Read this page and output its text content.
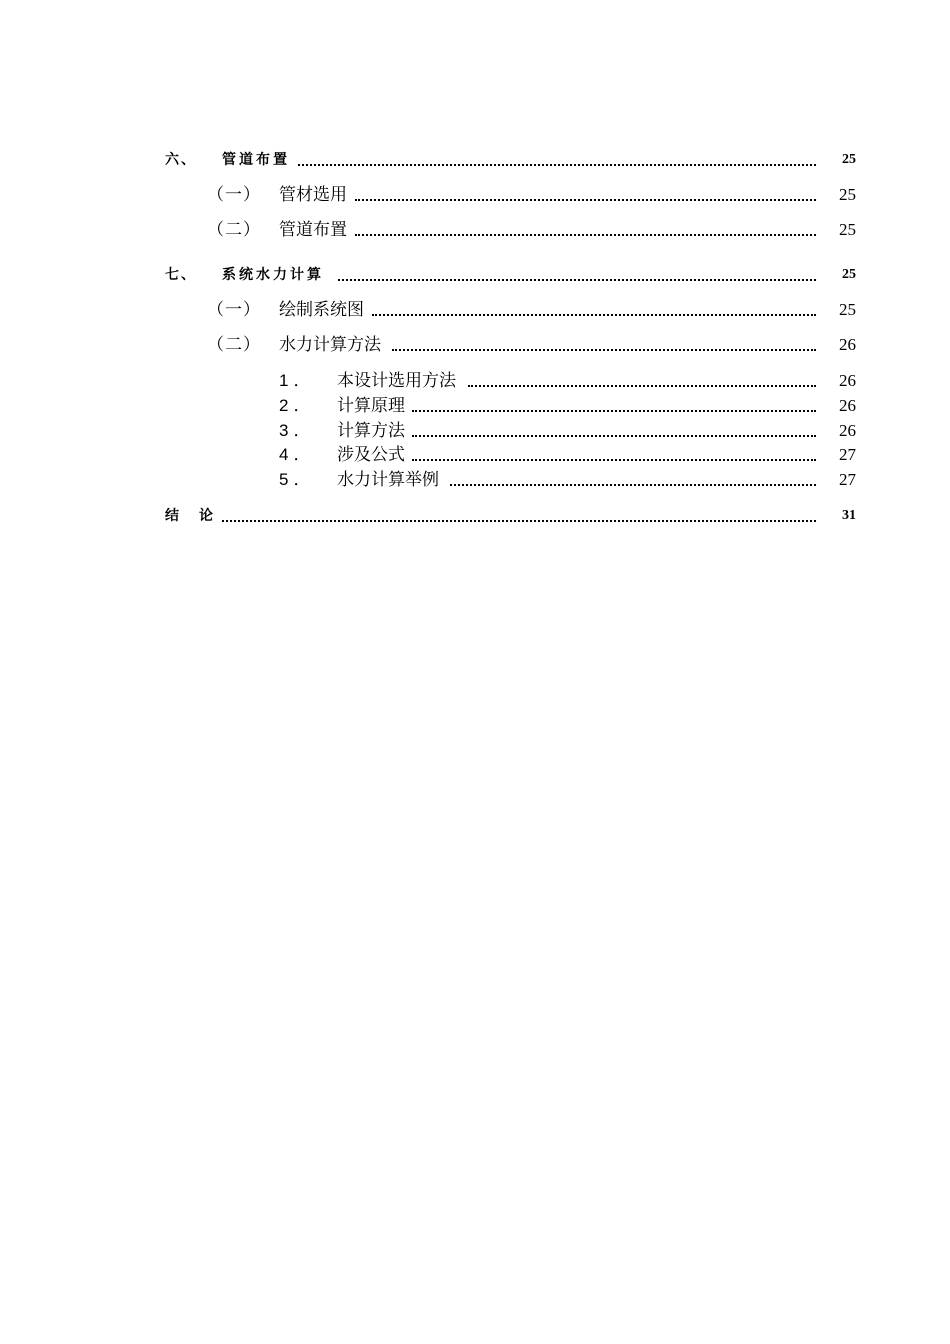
六、 管道布置	25
（一） 管材选用	25
（二） 管道布置	25
七、 系统水力计算	25
（一） 绘制系统图	25
（二） 水力计算方法	26
1． 本设计选用方法	26
2． 计算原理	26
3． 计算方法	26
4． 涉及公式	27
5． 水力计算举例	27
结论	31
